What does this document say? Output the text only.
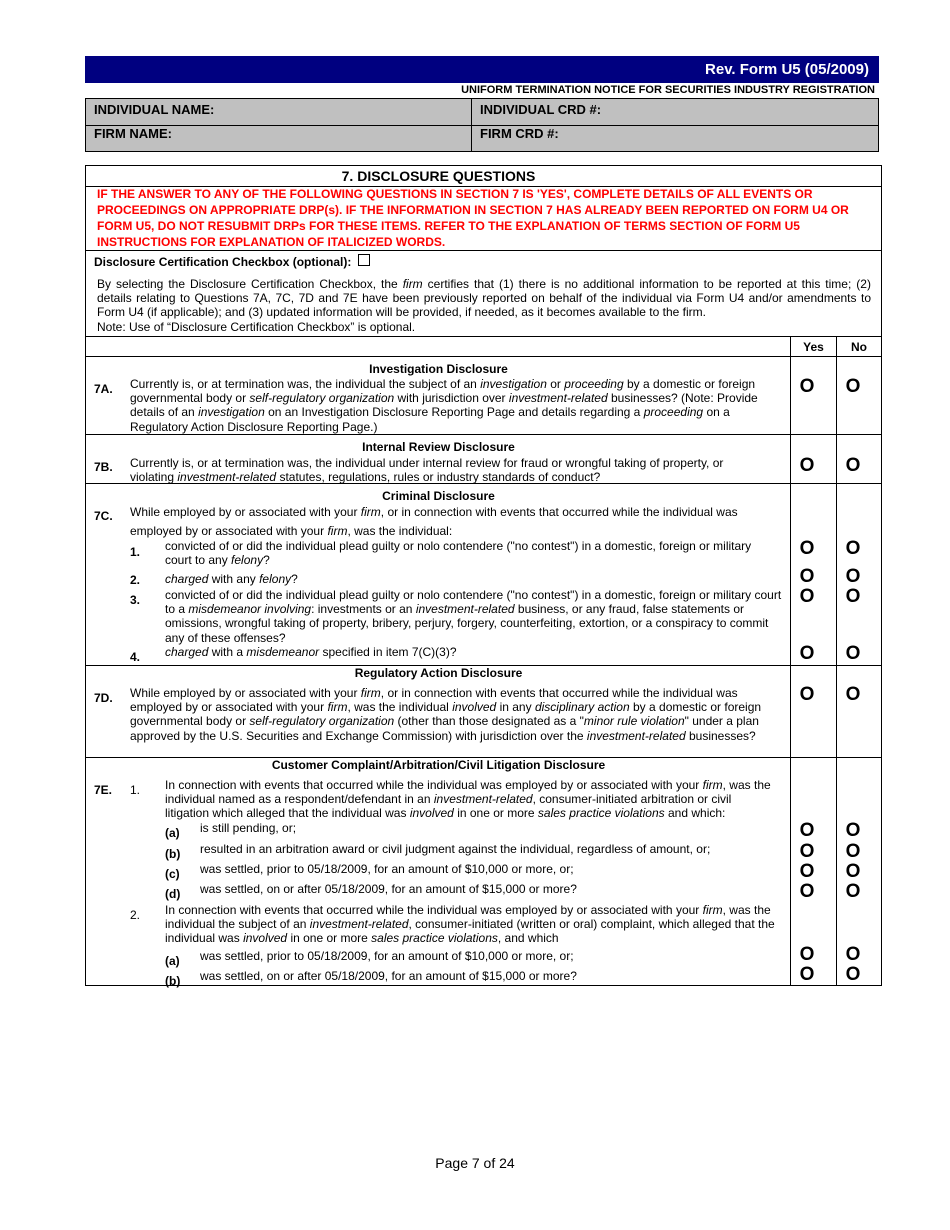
Rev. Form U5 (05/2009)
UNIFORM TERMINATION NOTICE FOR SECURITIES INDUSTRY REGISTRATION
INDIVIDUAL NAME:	INDIVIDUAL CRD #:
FIRM NAME:	FIRM CRD #:
7. DISCLOSURE QUESTIONS
IF THE ANSWER TO ANY OF THE FOLLOWING QUESTIONS IN SECTION 7 IS 'YES', COMPLETE DETAILS OF ALL EVENTS OR PROCEEDINGS ON APPROPRIATE DRP(s). IF THE INFORMATION IN SECTION 7 HAS ALREADY BEEN REPORTED ON FORM U4 OR FORM U5, DO NOT RESUBMIT DRPs FOR THESE ITEMS. REFER TO THE EXPLANATION OF TERMS SECTION OF FORM U5 INSTRUCTIONS FOR EXPLANATION OF ITALICIZED WORDS.
Disclosure Certification Checkbox (optional):
By selecting the Disclosure Certification Checkbox, the firm certifies that (1) there is no additional information to be reported at this time; (2) details relating to Questions 7A, 7C, 7D and 7E have been previously reported on behalf of the individual via Form U4 and/or amendments to Form U4 (if applicable); and (3) updated information will be provided, if needed, as it becomes available to the firm.
Note: Use of “Disclosure Certification Checkbox” is optional.
Yes	No
Investigation Disclosure
7A. Currently is, or at termination was, the individual the subject of an investigation or proceeding by a domestic or foreign governmental body or self-regulatory organization with jurisdiction over investment-related businesses? (Note: Provide details of an investigation on an Investigation Disclosure Reporting Page and details regarding a proceeding on a Regulatory Action Disclosure Reporting Page.)
O	O
Internal Review Disclosure
7B. Currently is, or at termination was, the individual under internal review for fraud or wrongful taking of property, or violating investment-related statutes, regulations, rules or industry standards of conduct?
O	O
Criminal Disclosure
7C. While employed by or associated with your firm, or in connection with events that occurred while the individual was
employed by or associated with your firm, was the individual:
1. convicted of or did the individual plead guilty or nolo contendere ("no contest") in a domestic, foreign or military court to any felony?
O	O
2. charged with any felony?	O	O
3. convicted of or did the individual plead guilty or nolo contendere ("no contest") in a domestic, foreign or military court to a misdemeanor involving: investments or an investment-related business, or any fraud, false statements or omissions, wrongful taking of property, bribery, perjury, forgery, counterfeiting, extortion, or a conspiracy to commit any of these offenses?
O	O
4. charged with a misdemeanor specified in item 7(C)(3)?	O	O
Regulatory Action Disclosure
7D. While employed by or associated with your firm, or in connection with events that occurred while the individual was employed by or associated with your firm, was the individual involved in any disciplinary action by a domestic or foreign governmental body or self-regulatory organization (other than those designated as a "minor rule violation" under a plan approved by the U.S. Securities and Exchange Commission) with jurisdiction over the investment-related businesses?
O	O
Customer Complaint/Arbitration/Civil Litigation Disclosure
7E. 1. In connection with events that occurred while the individual was employed by or associated with your firm, was the individual named as a respondent/defendant in an investment-related, consumer-initiated arbitration or civil litigation which alleged that the individual was involved in one or more sales practice violations and which:
(a) is still pending, or;	O	O
(b) resulted in an arbitration award or civil judgment against the individual, regardless of amount, or;	O	O
(c) was settled, prior to 05/18/2009, for an amount of $10,000 or more, or;	O	O
(d) was settled, on or after 05/18/2009, for an amount of $15,000 or more?	O	O
2. In connection with events that occurred while the individual was employed by or associated with your firm, was the individual the subject of an investment-related, consumer-initiated (written or oral) complaint, which alleged that the individual was involved in one or more sales practice violations, and which
(a) was settled, prior to 05/18/2009, for an amount of $10,000 or more, or;	O	O
(b) was settled, on or after 05/18/2009, for an amount of $15,000 or more?	O	O
Page 7 of 24
